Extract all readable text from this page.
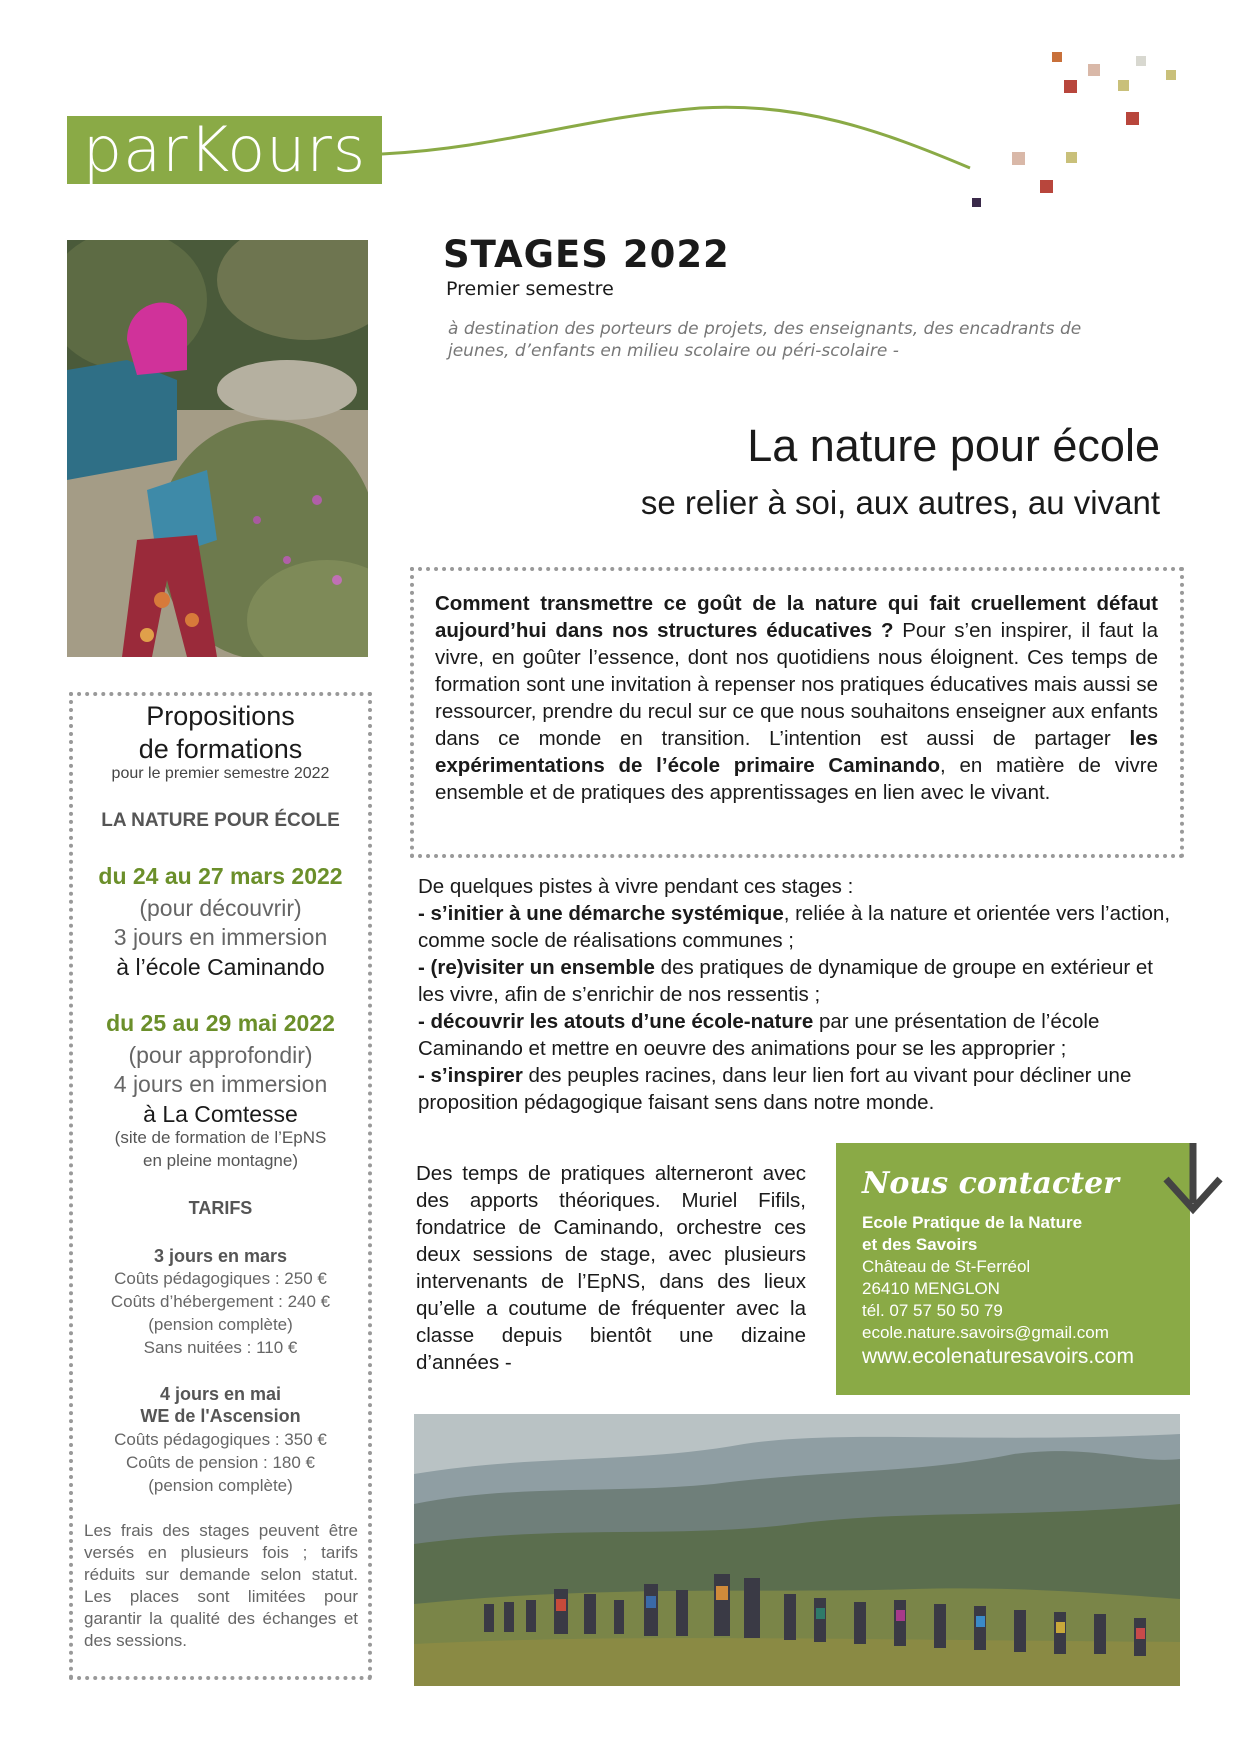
parKours
STAGES 2022
Premier semestre
à destination des porteurs de projets, des enseignants, des encadrants de jeunes, d’enfants en milieu scolaire ou péri-scolaire -
La nature pour école
se relier à soi, aux autres, au vivant
Propositions
de formations
pour le premier semestre 2022
LA NATURE POUR ÉCOLE
du 24 au 27 mars 2022
(pour découvrir)
3 jours en immersion
à l’école Caminando
du 25 au 29 mai 2022
(pour approfondir)
4 jours en immersion
à La Comtesse
(site de formation de l’EpNS
en pleine montagne)
TARIFS
3 jours en mars
Coûts pédagogiques : 250 €
Coûts d’hébergement : 240 €
(pension complète)
Sans nuitées : 110 €
4 jours en mai
WE de l'Ascension
Coûts pédagogiques : 350 €
Coûts de pension : 180 €
(pension complète)
Les frais des stages peuvent être versés en plusieurs fois ; tarifs réduits sur demande selon statut. Les places sont limitées pour garantir la qualité des échanges et des sessions.
Comment transmettre ce goût de la nature qui fait cruellement défaut aujourd’hui dans nos structures éducatives ? Pour s’en inspirer, il faut la vivre, en goûter l’essence, dont nos quotidiens nous éloignent. Ces temps de formation sont une invitation à repenser nos pratiques éducatives mais aussi se ressourcer, prendre du recul sur ce que nous souhaitons enseigner aux enfants dans ce monde en transition. L’intention est aussi de partager les expérimentations de l’école primaire Caminando, en matière de vivre ensemble et de pratiques des apprentissages en lien avec le vivant.
De quelques pistes à vivre pendant ces stages :
- s’initier à une démarche systémique, reliée à la nature et orientée vers l’action, comme socle de réalisations communes ;
- (re)visiter un ensemble des pratiques de dynamique de groupe en extérieur et les vivre, afin de s’enrichir de nos ressentis ;
- découvrir les atouts d’une école-nature par une présentation de l’école Caminando et mettre en oeuvre des animations pour se les approprier ;
- s’inspirer des peuples racines, dans leur lien fort au vivant pour décliner une proposition pédagogique faisant sens dans notre monde.
Des temps de pratiques alterneront avec des apports théoriques. Muriel Fifils, fondatrice de Caminando, orchestre ces deux sessions de stage, avec plusieurs intervenants de l’EpNS, dans des lieux qu’elle a coutume de fréquenter avec la classe depuis bientôt une dizaine d’années -
Nous contacter
Ecole Pratique de la Nature
et des Savoirs
Château de St-Ferréol
26410 MENGLON
tél. 07 57 50 50 79
ecole.nature.savoirs@gmail.com
www.ecolenaturesavoirs.com
